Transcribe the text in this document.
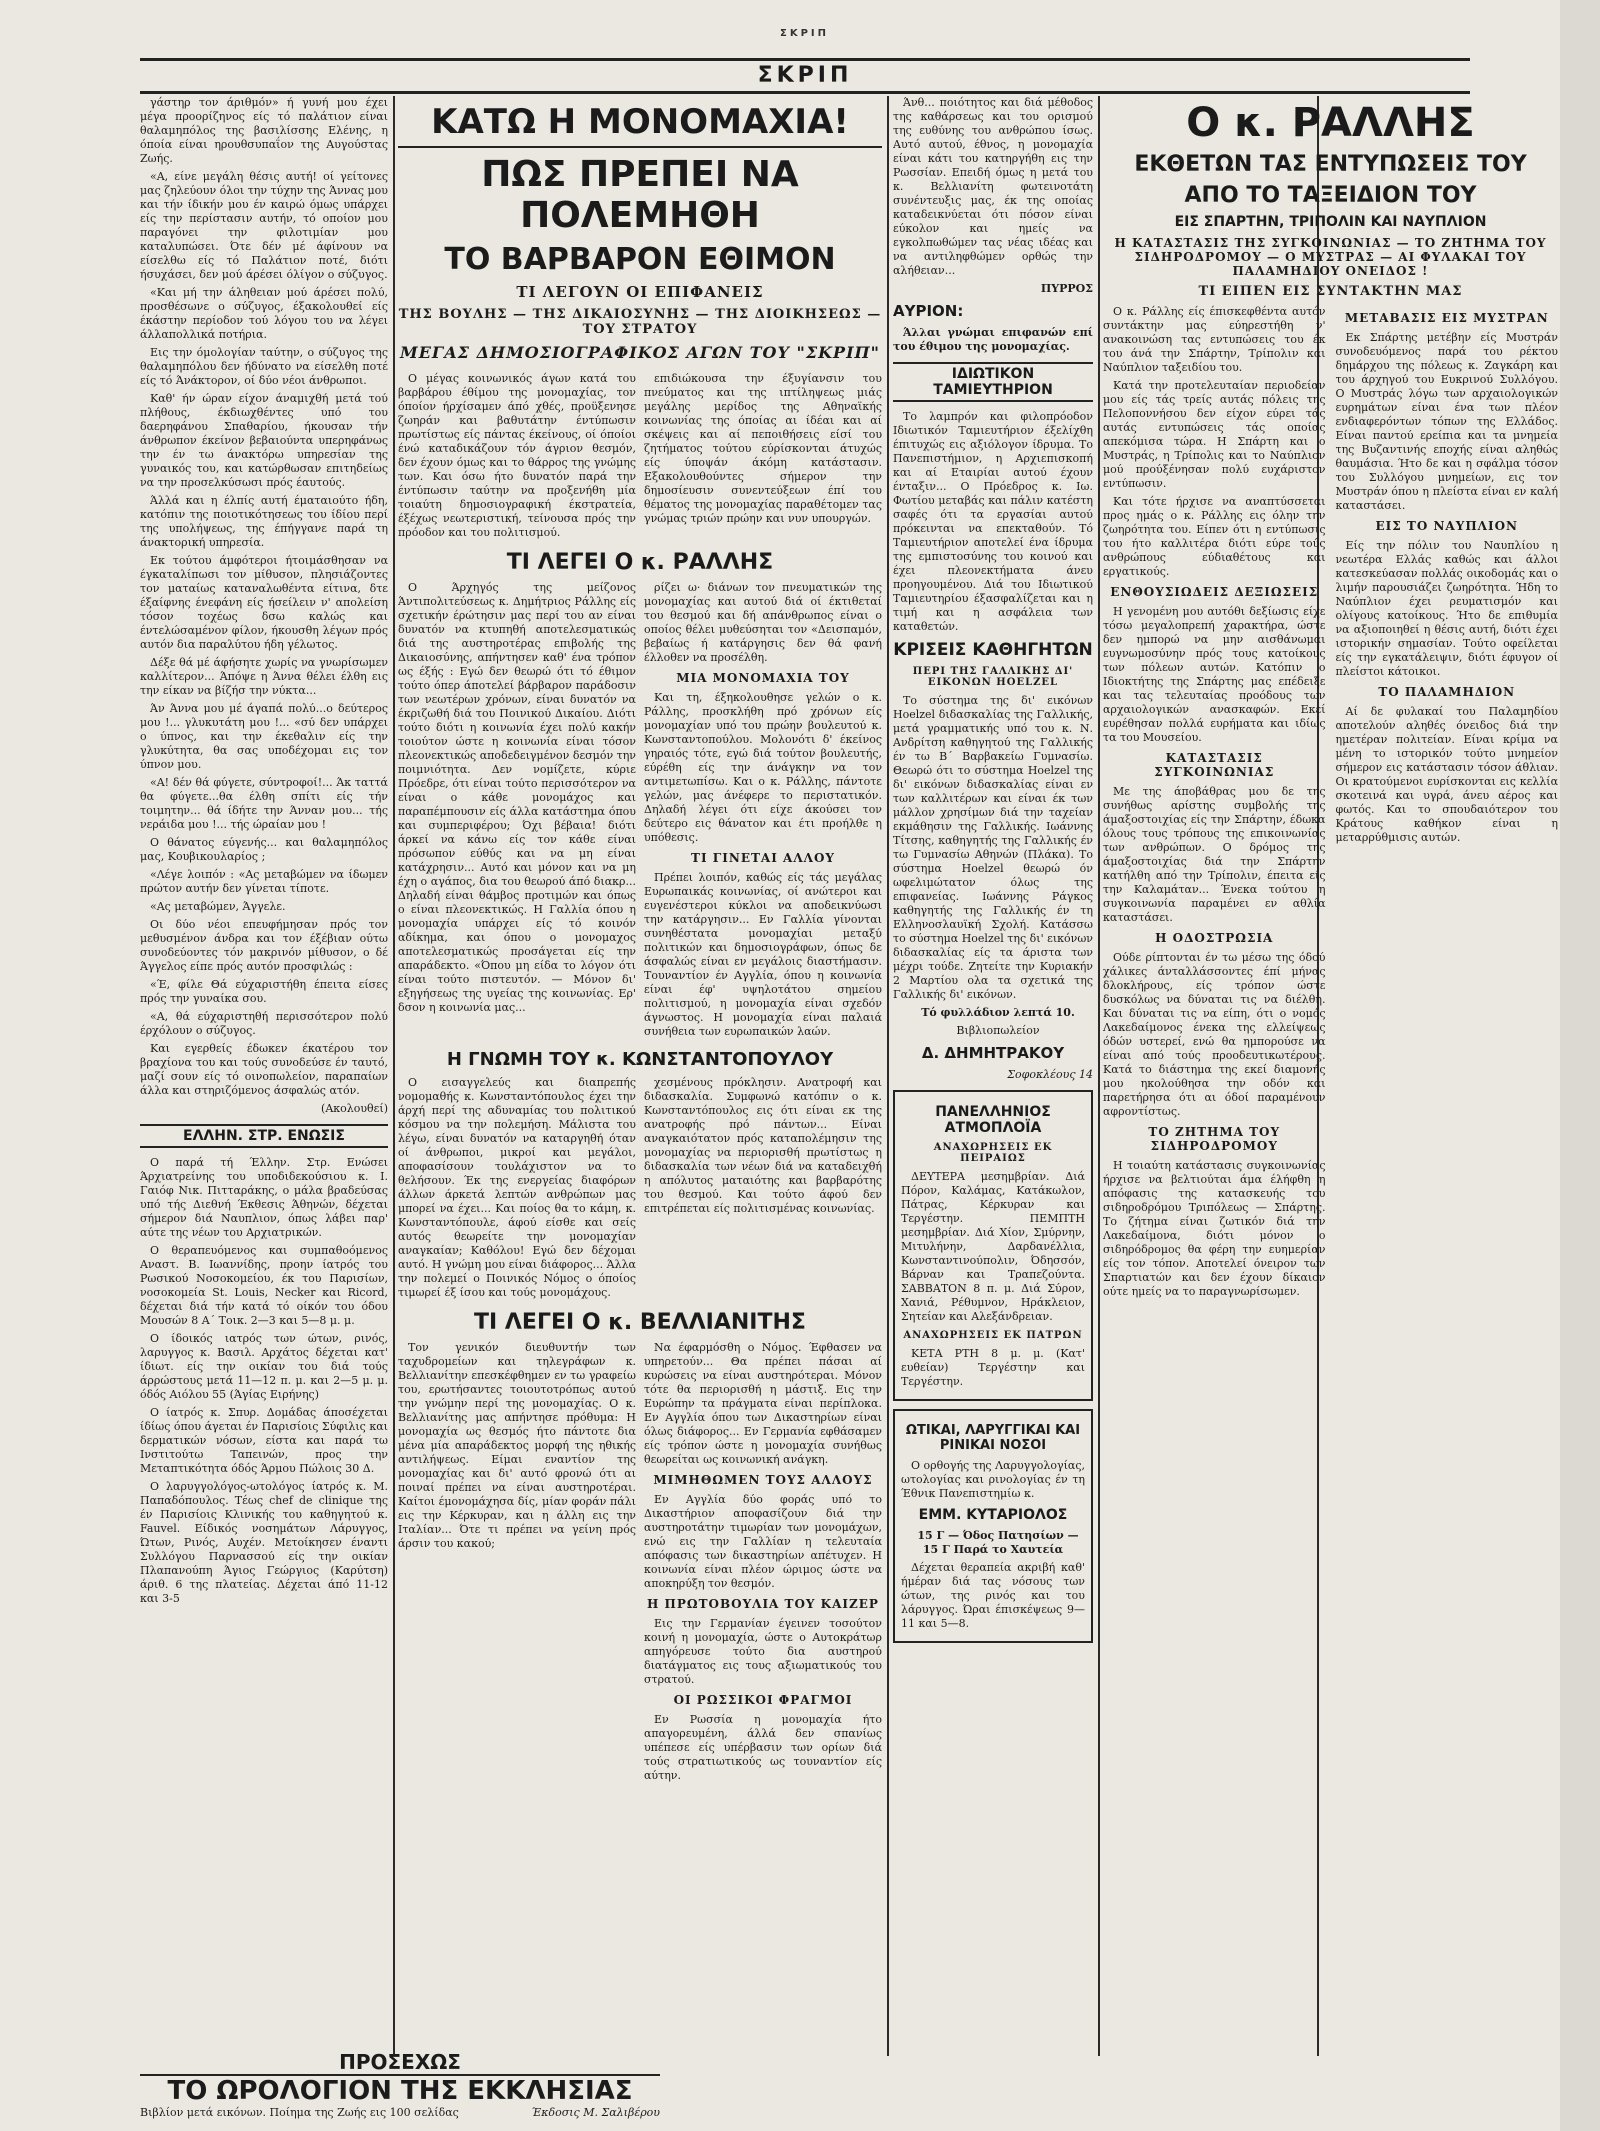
ΣΚΡΙΠ
ΣΚΡΙΠ

γάστηρ τον άριθμόν» ή γυνή μου έχει μέγα προορίζηνος είς τό παλάτιον είναι θαλαμηπόλος της βασιλίσσης Ελένης, η όποία είναι ηρουθσυπαΐον της Αυγούστας Ζωής.

«Α, είνε μεγάλη θέσις αυτή! οί γείτονες μας ζηλεύουν όλοι την τύχην της Άννας μου και τήν ίδικήν μου έν καιρώ όμως υπάρχει είς την περίστασιν αυτήν, τό οποίον μου παραγόνει την φιλοτιμίαν μου καταλυπώσει. Ότε δέν μέ άφίνουν να είσελθω είς τό Παλάτιον ποτέ, διότι ήσυχάσει, δεν μού άρέσει όλίγον ο σύζυγος.

«Και μή την άληθειαν μού άρέσει πολύ, προσθέσωνε ο σύζυγος, έξακολουθεί είς έκάστην περίοδον τού λόγου του να λέγει άλλαπολλικά ποτήρια.

Εις την όμολογίαν ταύτην, ο σύζυγος της θαλαμηπόλου δεν ήδύνατο να είσελθη ποτέ είς τό Άνάκτορον, οί δύο νέοι άνθρωποι.

Καθ' ήν ώραν είχον άναμιχθή μετά τού πλήθους, έκδιωχθέντες υπό του δαερηφάνου Σπαθαρίου, ήκουσαν τήν άνθρωπον έκείνον βεβαιούντα υπερηφάνως την έν τω άνακτόρω υπηρεσίαν της γυναικός του, και κατώρθωσαν επιτηδείως να την προσελκύσωσι πρός έαυτούς.

Άλλά και η έλπίς αυτή έματαιούτο ήδη, κατόπιν της ποιοτικότησεως του ίδίου περί της υπολήψεως, της έπήγγανε παρά τη άνακτορική υπηρεσία.

Εκ τούτου άμφότεροι ήτοιμάσθησαν να έγκαταλίπωσι τον μίθυσον, πλησιάζοντες τον ματαίως καταναλωθέντα είτινα, δτε έξαίφνης ένεφάνη είς ήσείλειν ν' απολείση τόσον τοχέως δσω καλώς και έντελώσαμένον φίλον, ήκουσθη λέγων πρός αυτόν δια παραλύτου ήδη γέλωτος.

Δέξε θά μέ άφήσητε χωρίς να γνωρίσωμεν καλλίτερον... Άπόψε η Άννα θέλει έλθη εις την είκαν να βίζήσ την νύκτα...

Άν Άννα μου μέ άγαπά πολύ...ο δεύτερος μου !... γλυκυτάτη μου !... «σύ δεν υπάρχει ο ύπνος, και την έκεθαλιν είς την γλυκύτητα, θα σας υποδέχομαι εις τον ύπνον μου.

«Α! δέν θά φύγετε, σύντροφοί!... Άκ ταττά θα φύγετε...θα έλθη σπίτι είς τήν τοιμητην... θά ίδήτε την Άνναν μου... τής νεράιδα μου !... τής ώραίαν μου !

Ο θάνατος εύγενής... και θαλαμηπόλος μας, Κουβικουλαρίος ;

«Λέγε λοιπόν : «Ας μεταβώμεν να ίδωμεν πρώτον αυτήν δεν γίνεται τίποτε.

«Ας μεταβώμεν, Άγγελε.

Οι δύο νέοι επευφήμησαν πρός τον μεθυσμένον άνδρα και τον έξέβιαν ούτω συνοδεύοντες τόν μακρινόν μίθυσον, ο δέ Άγγελος είπε πρός αυτόν προσφιλώς :

«Έ, φίλε Θά εύχαριστήθη έπειτα είσες πρός την γυναίκα σου.

«Α, θά εύχαριστηθή περισσότερον πολύ έρχόλουν ο σύζυγος.

Και εγερθείς έδωκεν έκατέρου τον βραχίονα του και τούς συνοδεύσε έν ταυτό, μαζί σουν είς τό οινοπωλείον, παραπαίων άλλα και στηριζόμενος άσφαλώς ατόν.

(Ακολουθεί)

ΕΛΛΗΝ. ΣΤΡ. ΕΝΩΣΙΣ

Ο παρά τή Έλλην. Στρ. Ενώσει Άρχιατρείνης του υποδιδεκούσιου κ. Ι. Γαιόφ Νικ. Πιτταράκης, ο μάλα βραδεύσας υπό τής Διεθνή Έκθεσις Άθηνών, δέχεται σήμερον διά Ναυπλιον, όπως λάβει παρ' αύτε της νέων του Αρχιατρικών.

Ο θεραπευόμενος και συμπαθοόμενος Αναστ. Β. Ιωαννίδης, προην ίατρός του Ρωσικού Νοσοκομείου, έκ του Παρισίων, νοσοκομεία St. Louis, Necker και Ricord, δέχεται διά τήν κατά τό οίκόν του όδου Μουσών 8 Α΄ Τοικ. 2—3 και 5—8 μ. μ.

Ο ίδοικός ιατρός των ώτων, ρινός, λαρυγγος κ. Βασιλ. Αρχάτος δέχεται κατ' ίδιωτ. είς την οικίαν του διά τούς άρρώστους μετά 11—12 π. μ. και 2—5 μ. μ. όδός Αιόλου 55 (Άγίας Ειρήνης)

Ο ίατρός κ. Σπυρ. Δομάδας άποσέχεται ίδίως όπου άγεται έν Παρισίοις Σύφιλις και δερματικών νόσων, είστα και παρά τω Ινστιτούτω Ταπεινών, προς την Μεταπτικότητα όδός Άρμου Πώλοις 30 Δ.

Ο λαρυγγολόγος-ωτολόγος ίατρός κ. Μ. Παπαδόπουλος. Τέως chef de clinique της έν Παρισίοις Κλινικής του καθηγητού κ. Fauvel. Είδικός νοσημάτων Λάρυγγος, Ώτων, Ρινός, Αυχέν. Μετοίκησεν έναντι Συλλόγου Παρνασσού είς την οικίαν Πλαπανούπη Άγιος Γεώργιος (Καρύτση) άριθ. 6 της πλατείας. Δέχεται άπό 11-12 και 3-5

ΚΑΤΩ Η ΜΟΝΟΜΑΧΙΑ!
ΠΩΣ ΠΡΕΠΕΙ ΝΑ ΠΟΛΕΜΗΘΗ
ΤΟ ΒΑΡΒΑΡΟΝ ΕΘΙΜΟΝ
ΤΙ ΛΕΓΟΥΝ ΟΙ ΕΠΙΦΑΝΕΙΣ
ΤΗΣ ΒΟΥΛΗΣ — ΤΗΣ ΔΙΚΑΙΟΣΥΝΗΣ — ΤΗΣ ΔΙΟΙΚΗΣΕΩΣ — ΤΟΥ ΣΤΡΑΤΟΥ
ΜΕΓΑΣ ΔΗΜΟΣΙΟΓΡΑΦΙΚΟΣ ΑΓΩΝ ΤΟΥ "ΣΚΡΙΠ"

Ο μέγας κοινωνικός άγων κατά του βαρβάρου έθίμου της μονομαχίας, τον όποίον ήρχίσαμεν άπό χθές, προϋξενησε ζωηράν και βαθυτάτην έντύπωσιν πρωτίστως είς πάντας έκείνους, οί όποίοι ένώ καταδικάζουν τόν άγριον θεσμόν, δεν έχουν όμως και το θάρρος της γνώμης των. Και όσω ήτο δυνατόν παρά την έντύπωσιν ταύτην να προξενήθη μία τοιαύτη δημοσιογραφική έκστρατεία, έξέχως νεωτεριστική, τείνουσα πρός την πρόοδον και του πολιτισμού.

επιδιώκουσα την έξυγίανσιν του πνεύματος και της ιπτίληψεως μιάς μεγάλης μερίδος της Αθηναϊκής κοινωνίας της όποίας αι ίδέαι και αί σκέψεις και αί πεποιθήσεις είσί του ζητήματος τούτου εύρίσκονται άτυχώς είς ύποψάν άκόμη κατάστασιν. Εξακολουθούντες σήμερον την δημοσίευσιν συνεντεύξεων έπί του θέματος της μονομαχίας παραθέτομεν τας γνώμας τριών πρώην και νυν υπουργών.

ΤΙ ΛΕΓΕΙ Ο κ. ΡΑΛΛΗΣ

Ο Άρχηγός της μείζονος Άντιπολιτεύσεως κ. Δημήτριος Ράλλης είς σχετικήν έρώτησιν μας περί του αν είναι δυνατόν να κτυπηθή αποτελεσματικώς διά της αυστηροτέρας επιβολής της Δικαιοσύνης, απήντησεν καθ' ένα τρόπον ως έξής : Εγώ δεν θεωρώ ότι τό έθιμον τούτο όπερ άποτελεί βάρβαρον παράδοσιν των νεωτέρων χρόνων, είναι δυνατόν να έκριζωθή διά του Ποινικού Δικαίου. Διότι τούτο διότι η κοινωνία έχει πολύ κακήν τοιούτον ώστε η κοινωνία είναι τόσον πλεονεκτικώς αποδεδειγμένον δεσμόν την ποιμνιότητα. Δεν νομίζετε, κύριε Πρόεδρε, ότι είναι τούτο περισσότερον να είναι ο κάθε μονομάχος και παραπέμπουσιν είς άλλα κατάστημα όπου και συμπεριφέρου; Όχι βέβαια! διότι άρκεί να κάνω είς τον κάθε είναι πρόσωπον εύθύς και να μη είναι κατάχρησιν... Αυτό και μόνον και να μη έχη ο αγάπος, δια του θεωρού άπό διακρ... Δηλαδή είναι θάμβος προτιμών και όπως ο είναι πλεονεκτικώς. Η Γαλλία όπου η μονομαχία υπάρχει είς τό κοινόν αδίκημα, και όπου ο μονομαχος αποτελεσματικώς προσάγεται είς την απαράδεκτο. «Όπου μη είδα το λόγον ότι είναι τούτο πιστευτόν. — Μόνον δι' εξηγήσεως της υγείας της κοινωνίας. Ερ' δσον η κοινωνία μας...

ρίζει ω· διάνων τον πνευματικών της μονομαχίας και αυτού διά οί έκτιθεταί του θεσμού και δή απάνθρωπος είναι ο οποίος θέλει μυθεύσηται τον «Δεισπαμόν, βεβαίως ή κατάργησις δεν θά φανή έλλοθεν να προσέλθη.

ΜΙΑ ΜΟΝΟΜΑΧΙΑ ΤΟΥ

Και τη, έξηκολουθησε γελών ο κ. Ράλλης, προσκλήθη πρό χρόνων είς μονομαχίαν υπό του πρώην βουλευτού κ. Κωνσταντοπούλου. Μολονότι δ' έκείνος γηραιός τότε, εγώ διά τούτον βουλευτής, εύρέθη είς την άνάγκην να τον αντιμετωπίσω. Και ο κ. Ράλλης, πάντοτε γελών, μας άνέφερε το περιστατικόν. Δηλαδή λέγει ότι είχε άκούσει τον δεύτερο εις θάνατον και έτι προήλθε η υπόθεσις.

ΤΙ ΓΙΝΕΤΑΙ ΑΛΛΟΥ

Πρέπει λοιπόν, καθώς είς τάς μεγάλας Ευρωπαικάς κοινωνίας, οί ανώτεροι και ευγενέστεροι κύκλοι να αποδεικνύωσι την κατάργησιν... Εν Γαλλία γίνονται συνηθέστατα μονομαχίαι μεταξύ πολιτικών και δημοσιογράφων, όπως δε άσφαλώς είναι εν μεγάλοις διαστήμασιν. Τουναντίον έν Αγγλία, όπου η κοινωνία είναι έφ' υψηλοτάτου σημείου πολιτισμού, η μονομαχία είναι σχεδόν άγνωστος. Η μονομαχία είναι παλαιά συνήθεια των ευρωπαικών λαών.

Η ΓΝΩΜΗ ΤΟΥ κ. ΚΩΝΣΤΑΝΤΟΠΟΥΛΟΥ

Ο εισαγγελεύς και διαπρεπής νομομαθής κ. Κωνσταντόπουλος έχει την άρχή περί της αδυναμίας του πολιτικού κόσμου να την πολεμήση. Μάλιστα του λέγω, είναι δυνατόν να καταργηθή όταν οί άνθρωποι, μικροί και μεγάλοι, αποφασίσουν τουλάχιστον να το θελήσουν. Έκ της ενεργείας διαφόρων άλλων άρκετά λεπτών ανθρώπων μας μπορεί να έχει... Και ποίος θα το κάμη, κ. Κωνσταντόπουλε, άφού είσθε και σείς αυτός θεωρείτε την μονομαχίαν αναγκαίαν; Καθόλου! Εγώ δεν δέχομαι αυτό. Η γνώμη μου είναι διάφορος... Άλλα την πολεμεί ο Ποινικός Νόμος ο όποίος τιμωρεί έξ ίσου και τούς μονομάχους.

χεσμένους πρόκλησιν. Ανατροφή και διδασκαλία. Συμφωνώ κατόπιν ο κ. Κωνσταντόπουλος εις ότι είναι εκ της ανατροφής πρό πάντων... Είναι αναγκαιότατον πρός καταπολέμησιν της μονομαχίας να περιορισθή πρωτίστως η διδασκαλία των νέων διά να καταδειχθή η απόλυτος ματαιότης και βαρβαρότης του θεσμού. Και τούτο άφού δεν επιτρέπεται είς πολιτισμένας κοινωνίας.

ΤΙ ΛΕΓΕΙ Ο κ. ΒΕΛΛΙΑΝΙΤΗΣ

Τον γενικόν διευθυντήν των ταχυδρομείων και τηλεγράφων κ. Βελλιανίτην επεσκέφθημεν εν τω γραφείω του, ερωτήσαντες τοιουτοτρόπως αυτού την γνώμην περί της μονομαχίας. Ο κ. Βελλιανίτης μας απήντησε πρόθυμα: Η μονομαχία ως θεσμός ήτο πάντοτε δια μένα μία απαράδεκτος μορφή της ηθικής αντιλήψεως. Είμαι εναντίον της μονομαχίας και δι' αυτό φρονώ ότι αι ποιναί πρέπει να είναι αυστηροτέραι. Καίτοι έμονομάχησα δίς, μίαν φοράν πάλι εις την Κέρκυραν, και η άλλη εις την Ιταλίαν... Ότε τι πρέπει να γείνη πρός άρσιν του κακού;

Να έφαρμόσθη ο Νόμος. Έφθασεν να υπηρετούν... Θα πρέπει πάσαι αί κυρώσεις να είναι αυστηρότεραι. Μόνον τότε θα περιορισθή η μάστιξ. Εις την Ευρώπην τα πράγματα είναι περίπλοκα. Εν Αγγλία όπου των Δικαστηρίων είναι όλως διάφορος... Εν Γερμανία εφθάσαμεν είς τρόπον ώστε η μονομαχία συνήθως θεωρείται ως κοινωνική ανάγκη.

ΜΙΜΗΘΩΜΕΝ ΤΟΥΣ ΑΛΛΟΥΣ

Εν Αγγλία δύο φοράς υπό το Δικαστήριον αποφασίζουν διά την αυστηροτάτην τιμωρίαν των μονομάχων, ενώ εις την Γαλλίαν η τελευταία απόφασις των δικαστηρίων απέτυχεν. Η κοινωνία είναι πλέον ώριμος ώστε να αποκηρύξη τον θεσμόν.

Η ΠΡΩΤΟΒΟΥΛΙΑ ΤΟΥ ΚΑΙΖΕΡ

Εις την Γερμανίαν έγεινεν τοσούτον κοινή η μονομαχία, ώστε ο Αυτοκράτωρ απηγόρευσε τούτο δια αυστηρού διατάγματος εις τους αξιωματικούς του στρατού.

ΟΙ ΡΩΣΣΙΚΟΙ ΦΡΑΓΜΟΙ

Εν Ρωσσία η μονομαχία ήτο απαγορευμένη, άλλά δεν σπανίως υπέπεσε είς υπέρβασιν των ορίων διά τούς στρατιωτικούς ως τουναντίον είς αύτην.

ΠΡΟΣΕΧΩΣ
ΤΟ ΩΡΟΛΟΓΙΟΝ ΤΗΣ ΕΚΚΛΗΣΙΑΣ
Βιβλίον μετά εικόνων. Ποίημα της Ζωής εις 100 σελίδας	Έκδοσις Μ. Σαλιβέρου

Άνθ... ποιότητος και διά μέθοδος της καθάρσεως και του ορισμού της ευθύνης του ανθρώπου ίσως. Αυτό αυτού, έθνος, η μονομαχία είναι κάτι του κατηργήθη εις την Ρωσσίαν. Επειδή όμως η μετά του κ. Βελλιανίτη φωτεινοτάτη συνέντευξις μας, έκ της οποίας καταδεικνύεται ότι πόσον είναι εύκολον και ημείς να εγκολπωθώμεν τας νέας ιδέας και να αντιληφθώμεν ορθώς την αλήθειαν...

ΠΥΡΡΟΣ

ΑΥΡΙΟΝ:

Άλλαι γνώμαι επιφανών επί του έθιμου της μονομαχίας.

ΙΔΙΩΤΙΚΟΝ ΤΑΜΙΕΥΤΗΡΙΟΝ

Το λαμπρόν και φιλοπρόοδον Ιδιωτικόν Ταμιευτήριον έξελίχθη έπιτυχώς εις αξιόλογον ίδρυμα. Το Πανεπιστήμιον, η Αρχιεπισκοπή και αί Εταιρίαι αυτού έχουν ένταξιν... Ο Πρόεδρος κ. Ιω. Φωτίου μεταβάς και πάλιν κατέστη σαφές ότι τα εργασίαι αυτού πρόκεινται να επεκταθούν. Τό Ταμιευτήριον αποτελεί ένα ίδρυμα της εμπιστοσύνης του κοινού και έχει πλεονεκτήματα άνευ προηγουμένου. Διά του Ιδιωτικού Ταμιευτηρίου έξασφαλίζεται και η τιμή και η ασφάλεια των καταθετών.

ΚΡΙΣΕΙΣ ΚΑΘΗΓΗΤΩΝ
ΠΕΡΙ ΤΗΣ ΓΑΛΛΙΚΗΣ ΔΙ' ΕΙΚΟΝΩΝ HOELZEL

Το σύστημα της δι' εικόνων Hoelzel διδασκαλίας της Γαλλικής, μετά γραμματικής υπό του κ. Ν. Ανδρίτση καθηγητού της Γαλλικής έν τω Β΄ Βαρβακείω Γυμνασίω. Θεωρώ ότι το σύστημα Hoelzel της δι' εικόνων διδασκαλίας είναι εν των καλλιτέρων και είναι έκ των μάλλον χρησίμων διά την ταχείαν εκμάθησιν της Γαλλικής. Ιωάννης Τίτσης, καθηγητής της Γαλλικής έν τω Γυμνασίω Αθηνών (Πλάκα). Το σύστημα Hoelzel θεωρώ όν ωφελιμώτατον όλως της επιφανείας. Ιωάννης Ράγκος καθηγητής της Γαλλικής έν τη Ελληνοσλαυϊκή Σχολή. Κατάσσω το σύστημα Hoelzel της δι' εικόνων διδασκαλίας είς τα άριστα των μέχρι τούδε. Ζητείτε την Κυριακήν 2 Μαρτίου ολα τα σχετικά της Γαλλικής δι' εικόνων.

Τό φυλλάδιον λεπτά 10.

Βιβλιοπωλείον

Δ. ΔΗΜΗΤΡΑΚΟΥ

Σοφοκλέους 14

ΠΑΝΕΛΛΗΝΙΟΣ ΑΤΜΟΠΛΟΪΑ
ΑΝΑΧΩΡΗΣΕΙΣ ΕΚ ΠΕΙΡΑΙΩΣ

ΔΕΥΤΕΡΑ μεσημβρίαν. Διά Πόρον, Καλάμας, Κατάκωλον, Πάτρας, Κέρκυραν και Τεργέστην. ΠΕΜΠΤΗ μεσημβρίαν. Διά Χίον, Σμύρνην, Μιτυλήνην, Δαρδανέλλια, Κωνσταντινούπολιν, Όδησσόν, Βάρναν και Τραπεζούντα. ΣΑΒΒΑΤΟΝ 8 π. μ. Διά Σύρον, Χανιά, Ρέθυμνον, Ηράκλειον, Σητείαν και Αλεξάνδρειαν.

ΑΝΑΧΩΡΗΣΕΙΣ ΕΚ ΠΑΤΡΩΝ

ΚΕΤΑ ΡΤΗ 8 μ. μ. (Κατ' ευθείαν) Τεργέστην και Τεργέστην.

ΩΤΙΚΑΙ, ΛΑΡΥΓΓΙΚΑΙ ΚΑΙ ΡΙΝΙΚΑΙ ΝΟΣΟΙ

Ο ορθογής της Λαρυγγολογίας, ωτολογίας και ρινολογίας έν τη Έθνικ Πανεπιστημίω κ.

ΕΜΜ. ΚΥΤΑΡΙΟΛΟΣ

15 Γ — Όδος Πατησίων — 15 Γ Παρά το Χαυτεία

Δέχεται θεραπεία ακριβή καθ' ήμέραν διά τας νόσους των ώτων, της ρινός και του λάρυγγος. Ώραι έπισκέψεως 9—11 και 5—8.

Ο κ. ΡΑΛΛΗΣ
ΕΚΘΕΤΩΝ ΤΑΣ ΕΝΤΥΠΩΣΕΙΣ ΤΟΥ
ΑΠΟ ΤΟ ΤΑΞΕΙΔΙΟΝ ΤΟΥ
ΕΙΣ ΣΠΑΡΤΗΝ, ΤΡΙΠΟΛΙΝ ΚΑΙ ΝΑΥΠΛΙΟΝ
Η ΚΑΤΑΣΤΑΣΙΣ ΤΗΣ ΣΥΓΚΟΙΝΩΝΙΑΣ — ΤΟ ΖΗΤΗΜΑ ΤΟΥ ΣΙΔΗΡΟΔΡΟΜΟΥ — Ο ΜΥΣΤΡΑΣ — ΑΙ ΦΥΛΑΚΑΙ ΤΟΥ ΠΑΛΑΜΗΔΙΟΥ ΟΝΕΙΔΟΣ !
ΤΙ ΕΙΠΕΝ ΕΙΣ ΣΥΝΤΑΚΤΗΝ ΜΑΣ

Ο κ. Ράλλης είς έπισκεφθέντα αυτόν συντάκτην μας εύηρεστήθη ν' ανακοινώση τας εντυπώσεις του έκ του άνά την Σπάρτην, Τρίπολιν και Ναύπλιον ταξειδίου του.

Κατά την προτελευταίαν περιοδείαν μου είς τάς τρείς αυτάς πόλεις της Πελοποννήσου δεν είχον εύρει τάς αυτάς εντυπώσεις τάς οποίας απεκόμισα τώρα. Η Σπάρτη και ο Μυστράς, η Τρίπολις και το Ναύπλιον μού προύξένησαν πολύ ευχάριστον εντύπωσιν.

Και τότε ήρχισε να αναπτύσσεται προς ημάς ο κ. Ράλλης εις όλην την ζωηρότητα του. Είπεν ότι η εντύπωσις του ήτο καλλιτέρα διότι εύρε τούς ανθρώπους εύδιαθέτους και εργατικούς.

ΕΝΘΟΥΣΙΩΔΕΙΣ ΔΕΞΙΩΣΕΙΣ

Η γενομένη μου αυτόθι δεξίωσις είχε τόσω μεγαλοπρεπή χαρακτήρα, ώστε δεν ημπορώ να μην αισθάνωμαι ευγνωμοσύνην πρός τους κατοίκους των πόλεων αυτών. Κατόπιν ο Ιδιοκτήτης της Σπάρτης μας επέδειξε και τας τελευταίας προόδους των αρχαιολογικών ανασκαφών. Εκεί ευρέθησαν πολλά ευρήματα και ιδίως τα του Μουσείου.

ΚΑΤΑΣΤΑΣΙΣ ΣΥΓΚΟΙΝΩΝΙΑΣ

Με της άποβάθρας μου δε της συνήθως αρίστης συμβολής της άμαξοστοιχίας είς την Σπάρτην, έδωκα όλους τους τρόπους της επικοινωνίας των ανθρώπων. Ο δρόμος της άμαξοστοιχίας διά την Σπάρτην κατήλθη από την Τρίπολιν, έπειτα είς την Καλαμάταν... Ένεκα τούτου η συγκοινωνία παραμένει εν αθλία καταστάσει.

Η ΟΔΟΣΤΡΩΣΙΑ

Ούδε ρίπτονται έν τω μέσω της όδού χάλικες άνταλλάσσοντες έπί μήνας δλοκλήρους, είς τρόπον ώστε δυσκόλως να δύναται τις να διέλθη. Και δύναται τις να είπη, ότι ο νομός Λακεδαίμονος ένεκα της ελλείψεως όδών υστερεί, ενώ θα ημπορούσε να είναι από τούς προοδευτικωτέρους. Κατά το διάστημα της εκεί διαμονής μου ηκολούθησα την οδόν και παρετήρησα ότι αι όδοί παραμένουν αφροντίστως.

ΤΟ ΖΗΤΗΜΑ ΤΟΥ ΣΙΔΗΡΟΔΡΟΜΟΥ

Η τοιαύτη κατάστασις συγκοινωνίας ήρχισε να βελτιούται άμα έλήφθη η απόφασις της κατασκευής του σιδηροδρόμου Τριπόλεως — Σπάρτης. Το ζήτημα είναι ζωτικόν διά την Λακεδαίμονα, διότι μόνον ο σιδηρόδρομος θα φέρη την ευημερίαν είς τον τόπον. Αποτελεί όνειρον των Σπαρτιατών και δεν έχουν δίκαιον ούτε ημείς να το παραγνωρίσωμεν.

ΜΕΤΑΒΑΣΙΣ ΕΙΣ ΜΥΣΤΡΑΝ

Εκ Σπάρτης μετέβην είς Μυστράν συνοδευόμενος παρά του ρέκτου δημάρχου της πόλεως κ. Ζαγκάρη και του άρχηγού του Ευκρινού Συλλόγου. Ο Μυστράς λόγω των αρχαιολογικών ευρημάτων είναι ένα των πλέον ενδιαφερόντων τόπων της Ελλάδος. Είναι παντού ερείπια και τα μνημεία της Βυζαντινής εποχής είναι αληθώς θαυμάσια. Ήτο δε και η σφάλμα τόσον του Συλλόγου μνημείων, εις τον Μυστράν όπου η πλείστα είναι εν καλή καταστάσει.

ΕΙΣ ΤΟ ΝΑΥΠΛΙΟΝ

Είς την πόλιν του Ναυπλίου η νεωτέρα Ελλάς καθώς και άλλοι κατεσκεύασαν πολλάς οικοδομάς και ο λιμήν παρουσιάζει ζωηρότητα. Ήδη το Ναύπλιον έχει ρευματισμόν και ολίγους κατοίκους. Ήτο δε επιθυμία να αξιοποιηθεί η θέσις αυτή, διότι έχει ιστορικήν σημασίαν. Τούτο οφείλεται είς την εγκατάλειψιν, διότι έφυγον οί πλείστοι κάτοικοι.

ΤΟ ΠΑΛΑΜΗΔΙΟΝ

Αί δε φυλακαί του Παλαμηδίου αποτελούν αληθές όνειδος διά την ημετέραν πολιτείαν. Είναι κρίμα να μένη το ιστορικόν τούτο μνημείον σήμερον εις κατάστασιν τόσον άθλιαν. Οι κρατούμενοι ευρίσκονται εις κελλία σκοτεινά και υγρά, άνευ αέρος και φωτός. Και το σπουδαιότερον του Κράτους καθήκον είναι η μεταρρύθμισις αυτών.
